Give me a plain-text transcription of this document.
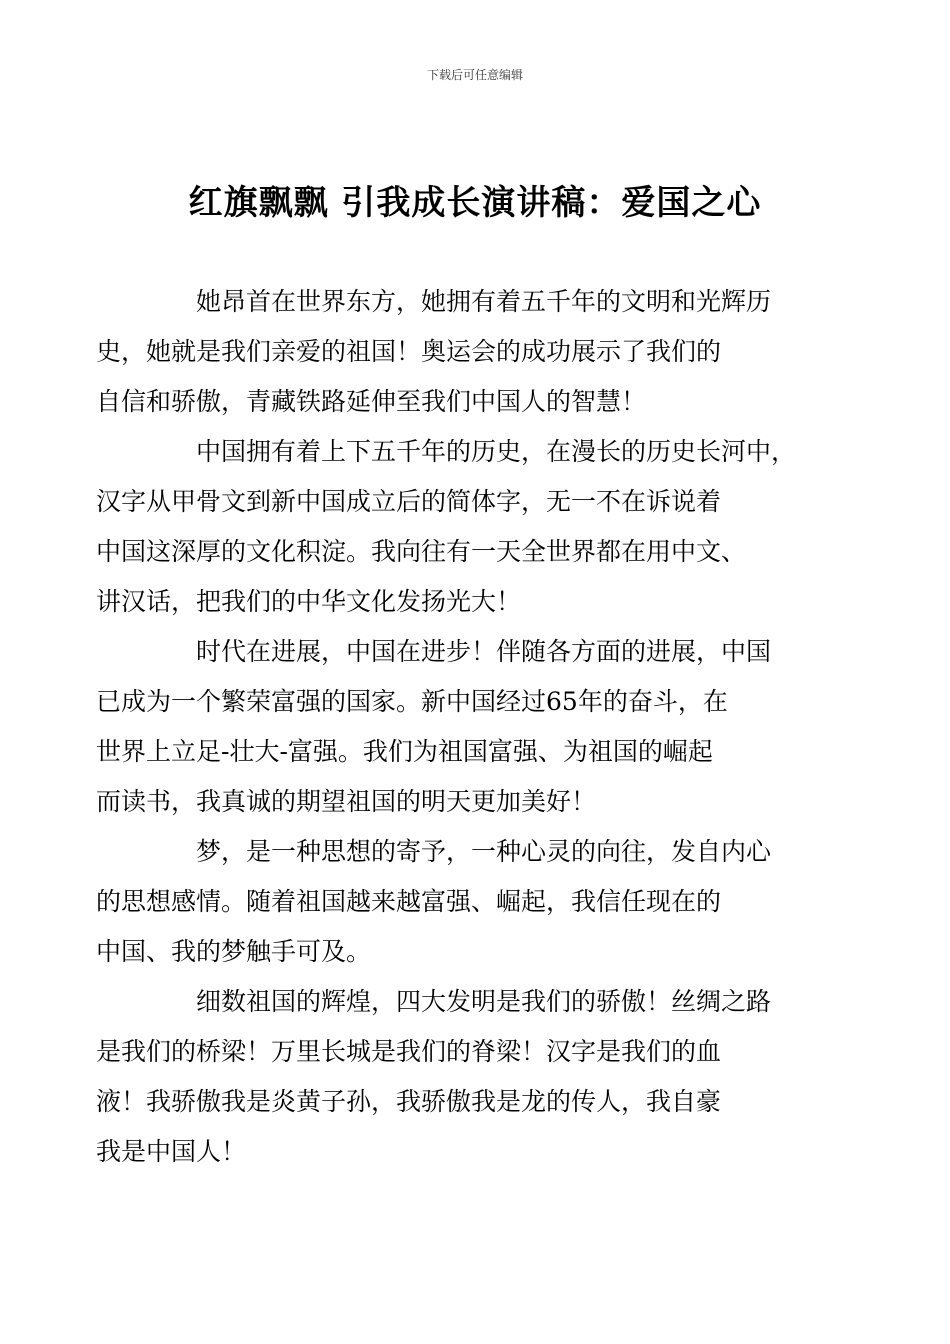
下载后可任意编辑
红旗飘飘 引我成长演讲稿：爱国之心

她昂首在世界东方，她拥有着五千年的文明和光辉历
史，她就是我们亲爱的祖国！奥运会的成功展示了我们的
自信和骄傲，青藏铁路延伸至我们中国人的智慧！

中国拥有着上下五千年的历史，在漫长的历史长河中，
汉字从甲骨文到新中国成立后的简体字，无一不在诉说着
中国这深厚的文化积淀。我向往有一天全世界都在用中文、
讲汉话，把我们的中华文化发扬光大！

时代在进展，中国在进步！伴随各方面的进展，中国
已成为一个繁荣富强的国家。新中国经过65年的奋斗，在
世界上立足-壮大-富强。我们为祖国富强、为祖国的崛起
而读书，我真诚的期望祖国的明天更加美好！

梦，是一种思想的寄予，一种心灵的向往，发自内心
的思想感情。随着祖国越来越富强、崛起，我信任现在的
中国、我的梦触手可及。

细数祖国的辉煌，四大发明是我们的骄傲！丝绸之路
是我们的桥梁！万里长城是我们的脊梁！汉字是我们的血
液！我骄傲我是炎黄子孙，我骄傲我是龙的传人，我自豪
我是中国人！
